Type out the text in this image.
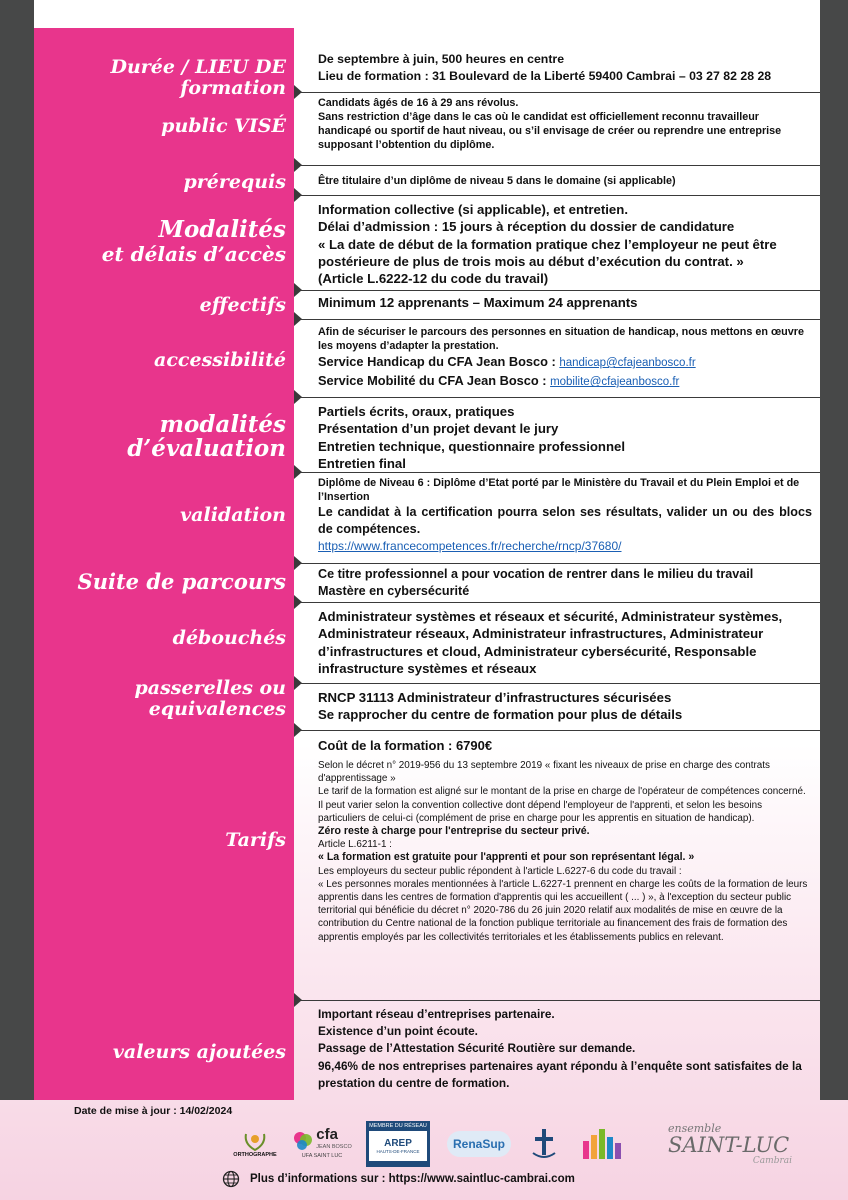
Durée / LIEU DE formation

De septembre à juin, 500 heures en centre

Lieu de formation : 31 Boulevard de la Liberté 59400 Cambrai – 03 27 82 28 28

public VISÉ

Candidats âgés de 16 à 29 ans révolus.

Sans restriction d’âge dans le cas où le candidat est officiellement reconnu travailleur handicapé ou sportif de haut niveau, ou s’il envisage de créer ou reprendre une entreprise supposant l’obtention du diplôme.

prérequis	Être titulaire d’un diplôme de niveau 5 dans le domaine (si applicable)

Modalités
et délais d’accès

Information collective (si applicable), et entretien.

Délai d’admission : 15 jours à réception du dossier de candidature

« La date de début de la formation pratique chez l’employeur ne peut être postérieure de plus de trois mois au début d’exécution du contrat. »

(Article L.6222-12 du code du travail)

effectifs Minimum 12 apprenants – Maximum 24 apprenants

accessibilité

Afin de sécuriser le parcours des personnes en situation de handicap, nous mettons en œuvre les moyens d’adapter la prestation.

Service Handicap du CFA Jean Bosco : handicap@cfajeanbosco.fr

Service Mobilité du CFA Jean Bosco : mobilite@cfajeanbosco.fr

modalités
d’évaluation

Partiels écrits, oraux, pratiques

Présentation d’un projet devant le jury

Entretien technique, questionnaire professionnel

Entretien final

validation

Diplôme de Niveau 6 : Diplôme d’Etat porté par le Ministère du Travail et du Plein Emploi et de l’Insertion

Le candidat à la certification pourra selon ses résultats, valider un ou des blocs de compétences.

https://www.francecompetences.fr/recherche/rncp/37680/

Suite de parcours	Ce titre professionnel a pour vocation de rentrer dans le milieu du travail

Mastère en cybersécurité

débouchés

Administrateur systèmes et réseaux et sécurité, Administrateur systèmes, Administrateur réseaux, Administrateur infrastructures, Administrateur d’infrastructures et cloud, Administrateur cybersécurité, Responsable infrastructure systèmes et réseaux

passerelles ou
equivalences

RNCP 31113 Administrateur d’infrastructures sécurisées

Se rapprocher du centre de formation pour plus de détails

Tarifs

Coût de la formation : 6790€

Selon le décret n° 2019-956 du 13 septembre 2019 « fixant les niveaux de prise en charge des contrats d'apprentissage »

Le tarif de la formation est aligné sur le montant de la prise en charge de l'opérateur de compétences concerné. Il peut varier selon la convention collective dont dépend l'employeur de l'apprenti, et selon les besoins particuliers de celui-ci (complément de prise en charge pour les apprentis en situation de handicap).

Zéro reste à charge pour l'entreprise du secteur privé.

Article L.6211-1 :

« La formation est gratuite pour l'apprenti et pour son représentant légal. »

Les employeurs du secteur public répondent à l'article L.6227-6 du code du travail :

« Les personnes morales mentionnées à l'article L.6227-1 prennent en charge les coûts de la formation de leurs apprentis dans les centres de formation d'apprentis qui les accueillent ( ... ) », à l'exception du secteur public territorial qui bénéficie du décret n° 2020-786 du 26 juin 2020 relatif aux modalités de mise en œuvre de la contribution du Centre national de la fonction publique territoriale au financement des frais de formation des apprentis employés par les collectivités territoriales et les établissements publics en relevant.

valeurs ajoutées

Important réseau d’entreprises partenaire.

Existence d’un point écoute.

Passage de l’Attestation Sécurité Routière sur demande.

96,46% de nos entreprises partenaires ayant répondu à l’enquête sont satisfaites de la prestation du centre de formation.

Date de mise à jour : 14/02/2024
ORTHOGRAPHE
cfa
JEAN BOSCO
UFA SAINT LUC
MEMBRE DU RÉSEAU
AREP
HAUTS-DE-FRANCE
RenaSup
ensemble
SAINT-LUC
Cambrai
Plus d’informations sur : https://www.saintluc-cambrai.com
